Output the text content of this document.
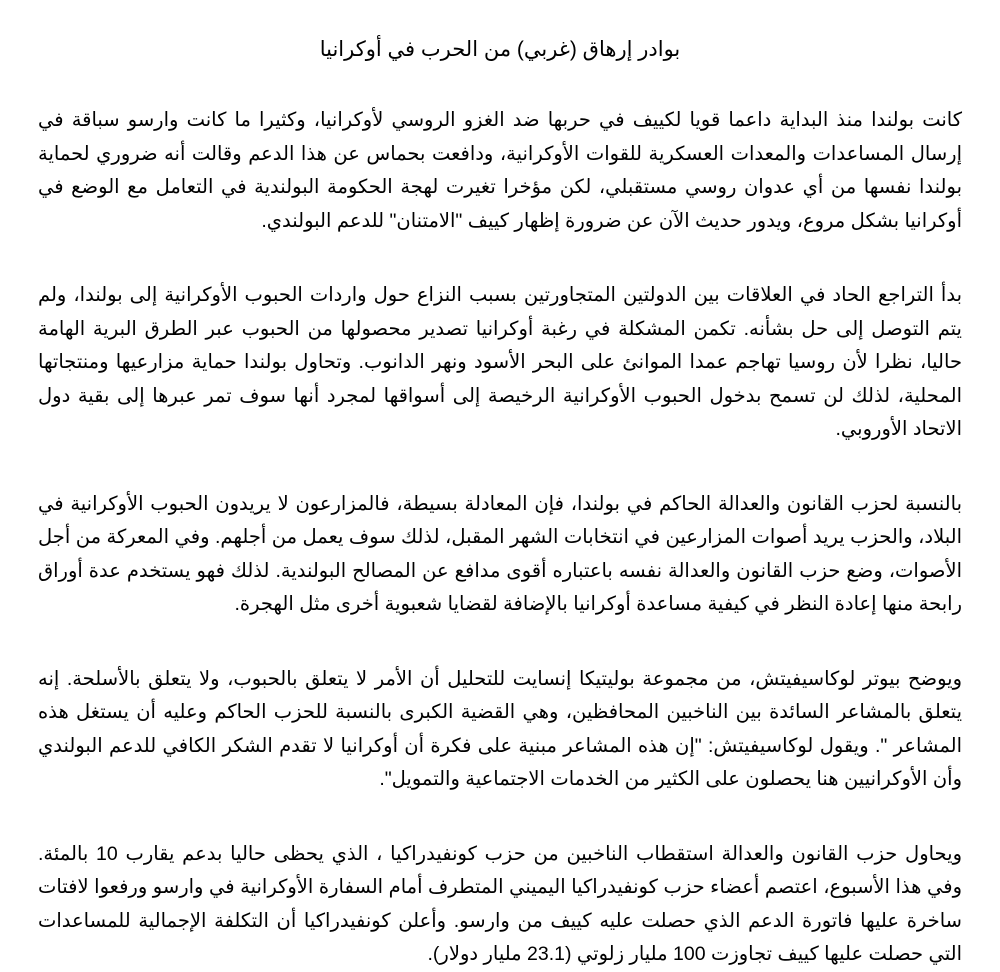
بوادر إرهاق (غربي) من الحرب في أوكرانيا

كانت بولندا منذ البداية داعما قويا لكييف في حربها ضد الغزو الروسي لأوكرانيا، وكثيرا ما كانت وارسو سباقة في إرسال المساعدات والمعدات العسكرية للقوات الأوكرانية، ودافعت بحماس عن هذا الدعم وقالت أنه ضروري لحماية بولندا نفسها من أي عدوان روسي مستقبلي، لكن مؤخرا تغيرت لهجة الحكومة البولندية في التعامل مع الوضع في أوكرانيا بشكل مروع، ويدور حديث الآن عن ضرورة إظهار كييف "الامتنان" للدعم البولندي.

بدأ التراجع الحاد في العلاقات بين الدولتين المتجاورتين بسبب النزاع حول واردات الحبوب الأوكرانية إلى بولندا، ولم يتم التوصل إلى حل بشأنه. تكمن المشكلة في رغبة أوكرانيا تصدير محصولها من الحبوب عبر الطرق البرية الهامة حاليا، نظرا لأن روسيا تهاجم عمدا الموانئ على البحر الأسود ونهر الدانوب. وتحاول بولندا حماية مزارعيها ومنتجاتها المحلية، لذلك لن تسمح بدخول الحبوب الأوكرانية الرخيصة إلى أسواقها لمجرد أنها سوف تمر عبرها إلى بقية دول الاتحاد الأوروبي.

بالنسبة لحزب القانون والعدالة الحاكم في بولندا، فإن المعادلة بسيطة، فالمزارعون لا يريدون الحبوب الأوكرانية في البلاد، والحزب يريد أصوات المزارعين في انتخابات الشهر المقبل، لذلك سوف يعمل من أجلهم. وفي المعركة من أجل الأصوات، وضع حزب القانون والعدالة نفسه باعتباره أقوى مدافع عن المصالح البولندية. لذلك فهو يستخدم عدة أوراق رابحة منها إعادة النظر في كيفية مساعدة أوكرانيا بالإضافة لقضايا شعبوية أخرى مثل الهجرة.

ويوضح بيوتر لوكاسيفيتش، من مجموعة بوليتيكا إنسايت للتحليل أن الأمر لا يتعلق بالحبوب، ولا يتعلق بالأسلحة. إنه يتعلق بالمشاعر السائدة بين الناخبين المحافظين، وهي القضية الكبرى بالنسبة للحزب الحاكم وعليه أن يستغل هذه المشاعر ". ويقول لوكاسيفيتش: "إن هذه المشاعر مبنية على فكرة أن أوكرانيا لا تقدم الشكر الكافي للدعم البولندي وأن الأوكرانيين هنا يحصلون على الكثير من الخدمات الاجتماعية والتمويل".

ويحاول حزب القانون والعدالة استقطاب الناخبين من حزب كونفيدراكيا ، الذي يحظى حاليا بدعم يقارب 10 بالمئة. وفي هذا الأسبوع، اعتصم أعضاء حزب كونفيدراكيا اليميني المتطرف أمام السفارة الأوكرانية في وارسو ورفعوا لافتات ساخرة عليها فاتورة الدعم الذي حصلت عليه كييف من وارسو. وأعلن كونفيدراكيا أن التكلفة الإجمالية للمساعدات التي حصلت عليها كييف تجاوزت 100 مليار زلوتي (23.1 مليار دولار).
